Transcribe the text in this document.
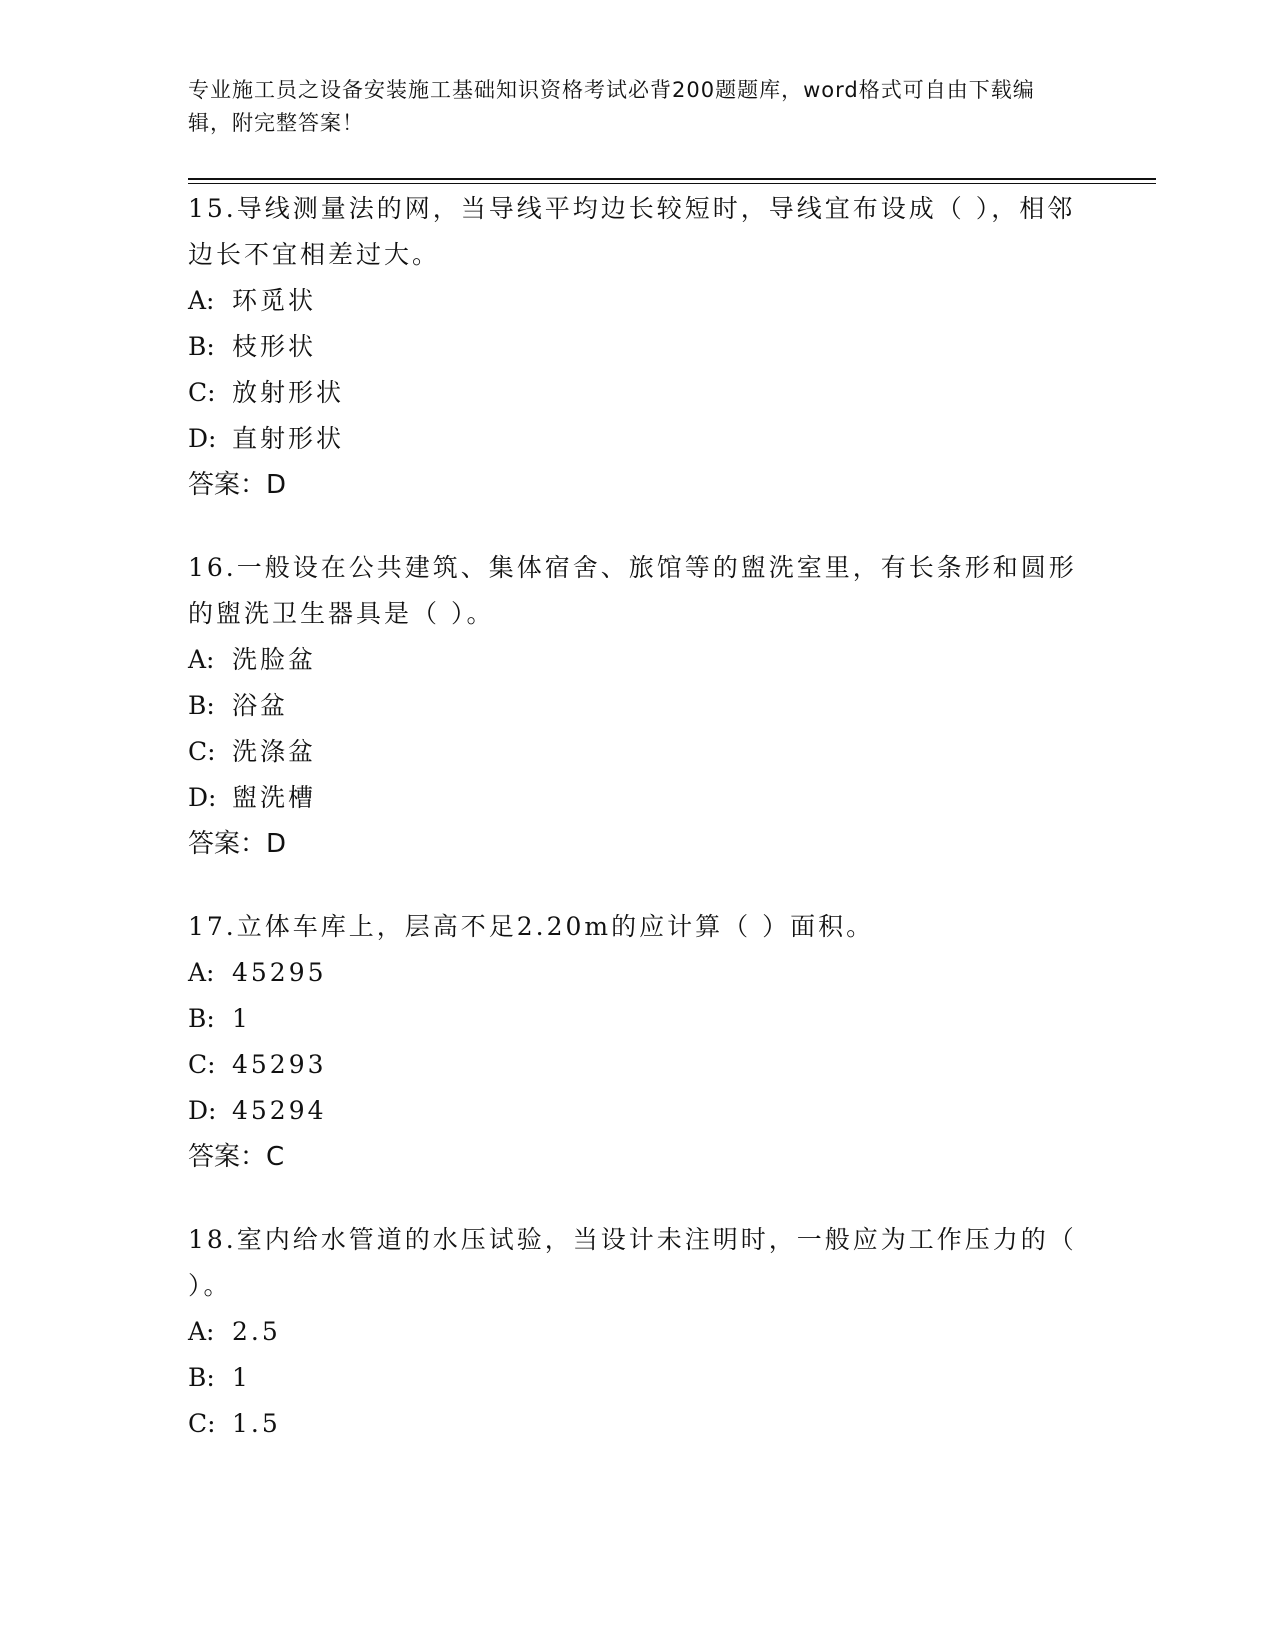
专业施工员之设备安装施工基础知识资格考试必背200题题库，word格式可自由下载编辑，附完整答案！
15.导线测量法的网，当导线平均边长较短时，导线宜布设成（ ），相邻边长不宜相差过大。
A: 环觅状
B: 枝形状
C: 放射形状
D: 直射形状
答案：D
16.一般设在公共建筑、集体宿舍、旅馆等的盥洗室里，有长条形和圆形的盥洗卫生器具是（ ）。
A: 洗脸盆
B: 浴盆
C: 洗涤盆
D: 盥洗槽
答案：D
17.立体车库上，层高不足2.20m的应计算（ ）面积。
A: 45295
B: 1
C: 45293
D: 45294
答案：C
18.室内给水管道的水压试验，当设计未注明时，一般应为工作压力的（ ）。
A: 2.5
B: 1
C: 1.5
